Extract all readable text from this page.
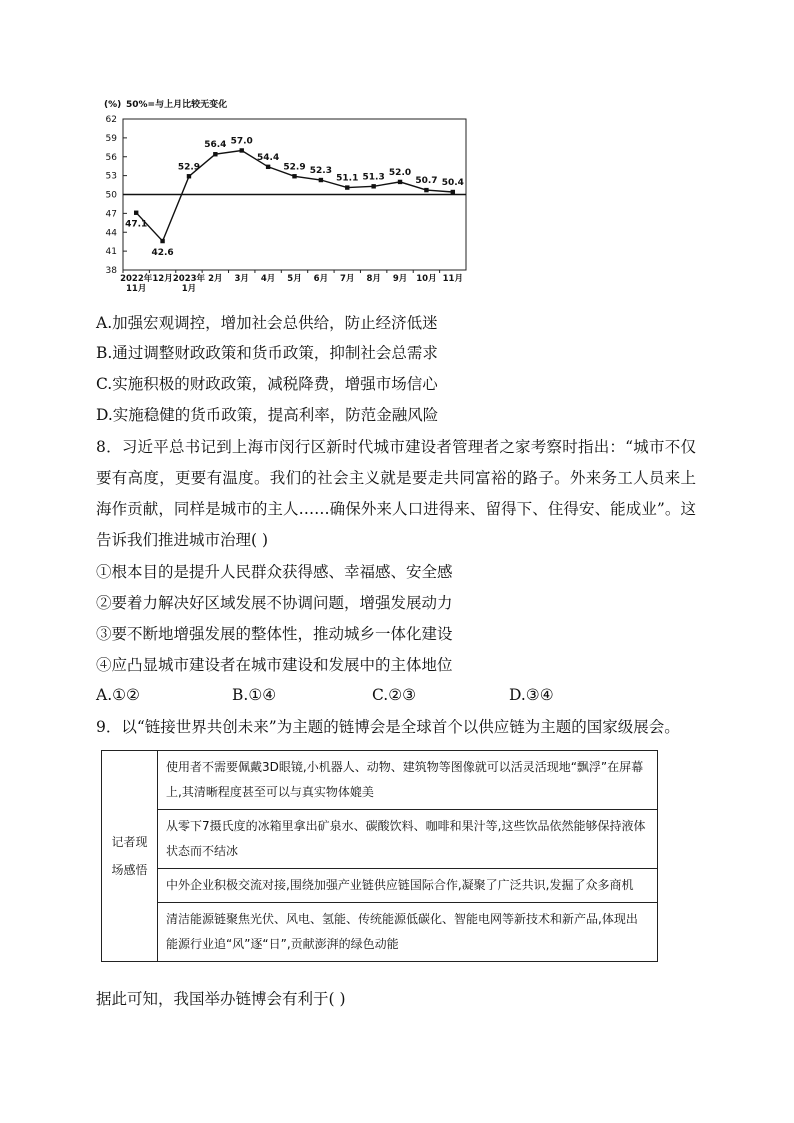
(%) 50%=与上月比较无变化
38
41
44
47
50
53
56
59
62
2022年
11月
12月 2023年
1月
2月 3月 4月 5月 6月 7月 8月 9月 10月 11月
47.1
42.6
52.9
56.4 57.0
54.4
52.9 52.3
51.1 51.3 52.0
50.7 50.4
A.加强宏观调控，增加社会总供给，防止经济低迷
B.通过调整财政政策和货币政策，抑制社会总需求
C.实施积极的财政政策，减税降费，增强市场信心
D.实施稳健的货币政策，提高利率，防范金融风险
8．习近平总书记到上海市闵行区新时代城市建设者管理者之家考察时指出：“城市不仅要有高度，更要有温度。我们的社会主义就是要走共同富裕的路子。外来务工人员来上海作贡献，同样是城市的主人……确保外来人口进得来、留得下、住得安、能成业”。这告诉我们推进城市治理( )
①根本目的是提升人民群众获得感、幸福感、安全感
②要着力解决好区域发展不协调问题，增强发展动力
③要不断地增强发展的整体性，推动城乡一体化建设
④应凸显城市建设者在城市建设和发展中的主体地位
A.①②	B.①④	C.②③	D.③④
9．以“链接世界共创未来”为主题的链博会是全球首个以供应链为主题的国家级展会。
记者现场感悟	使用者不需要佩戴3D眼镜,小机器人、动物、建筑物等图像就可以活灵活现地“飘浮”在屏幕上,其清晰程度甚至可以与真实物体媲美
从零下7摄氏度的冰箱里拿出矿泉水、碳酸饮料、咖啡和果汁等,这些饮品依然能够保持液体状态而不结冰
中外企业积极交流对接,围绕加强产业链供应链国际合作,凝聚了广泛共识,发掘了众多商机
清洁能源链聚焦光伏、风电、氢能、传统能源低碳化、智能电网等新技术和新产品,体现出能源行业追“风”逐“日”,贡献澎湃的绿色动能
据此可知，我国举办链博会有利于( )
